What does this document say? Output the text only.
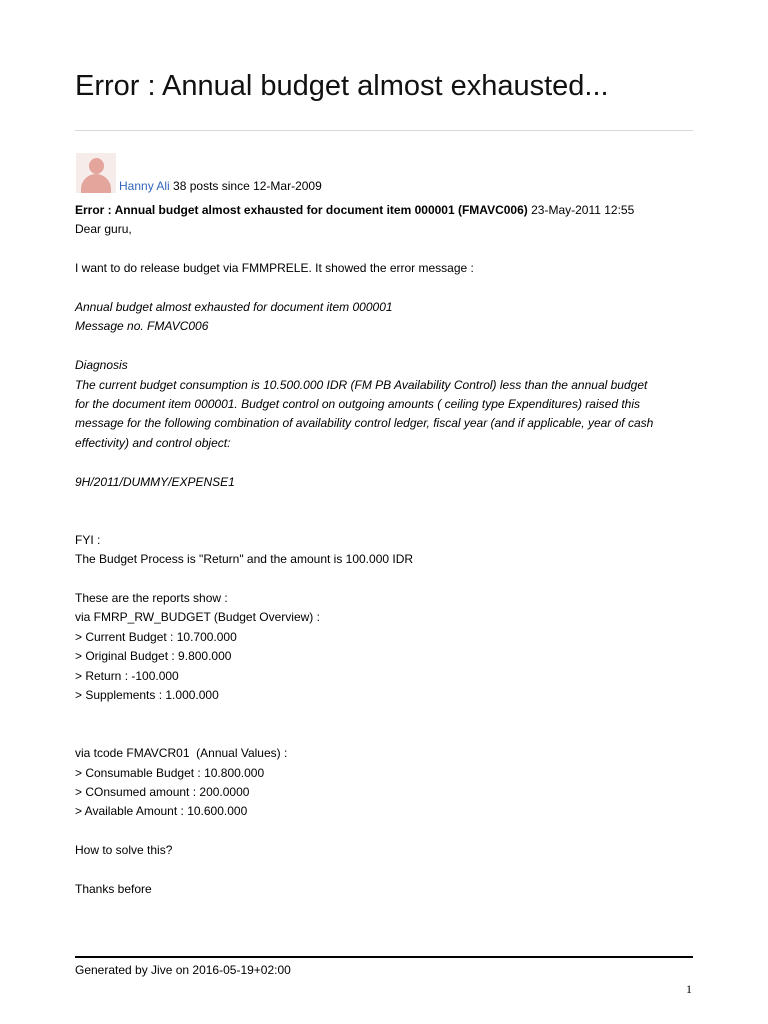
Error : Annual budget almost exhausted...
Hanny Ali 38 posts since 12-Mar-2009

Error : Annual budget almost exhausted for document item 000001 (FMAVC006) 23-May-2011 12:55

Dear guru,

I want to do release budget via FMMPRELE. It showed the error message :

Annual budget almost exhausted for document item 000001

Message no. FMAVC006

Diagnosis

The current budget consumption is 10.500.000 IDR (FM PB Availability Control) less than the annual budget

for the document item 000001. Budget control on outgoing amounts ( ceiling type Expenditures) raised this

message for the following combination of availability control ledger, fiscal year (and if applicable, year of cash

effectivity) and control object:

9H/2011/DUMMY/EXPENSE1

FYI :

The Budget Process is "Return" and the amount is 100.000 IDR

These are the reports show :

via FMRP_RW_BUDGET (Budget Overview) :

> Current Budget : 10.700.000

> Original Budget : 9.800.000

> Return : -100.000

> Supplements : 1.000.000

via tcode FMAVCR01  (Annual Values) :

> Consumable Budget : 10.800.000

> COnsumed amount : 200.0000

> Available Amount : 10.600.000

How to solve this?

Thanks before

Generated by Jive on 2016-05-19+02:00
1
